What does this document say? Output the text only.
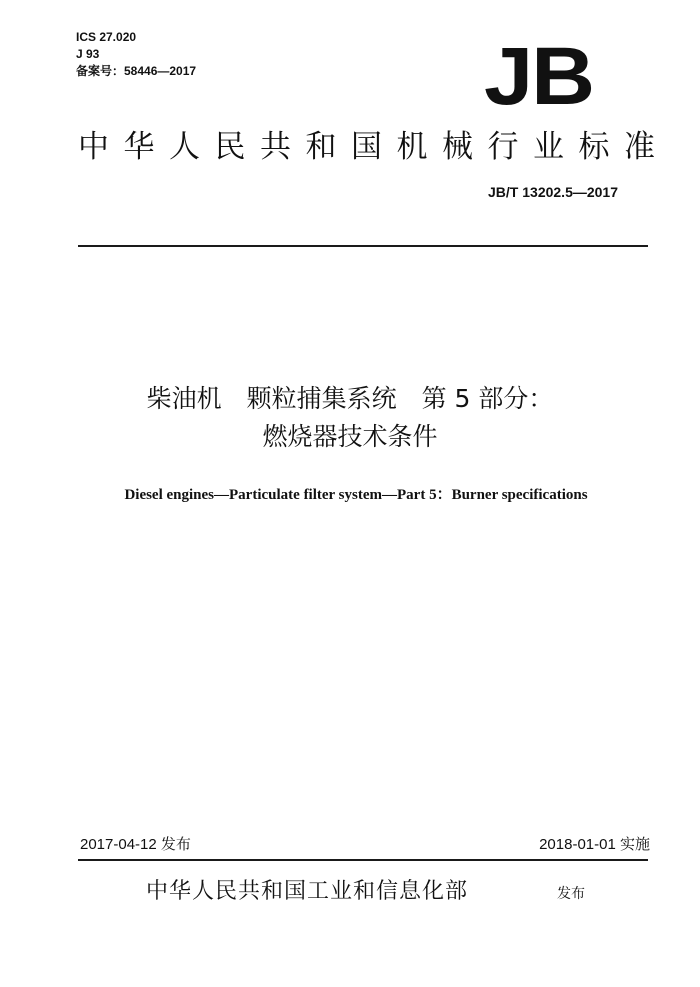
ICS 27.020
J 93
备案号：58446—2017	JB
中华人民共和国机械行业标准
JB/T 13202.5—2017
柴油机　颗粒捕集系统　第 5 部分：
燃烧器技术条件
Diesel engines—Particulate filter system—Part 5：Burner specifications
2017-04-12 发布	2018-01-01 实施
中华人民共和国工业和信息化部	发布
